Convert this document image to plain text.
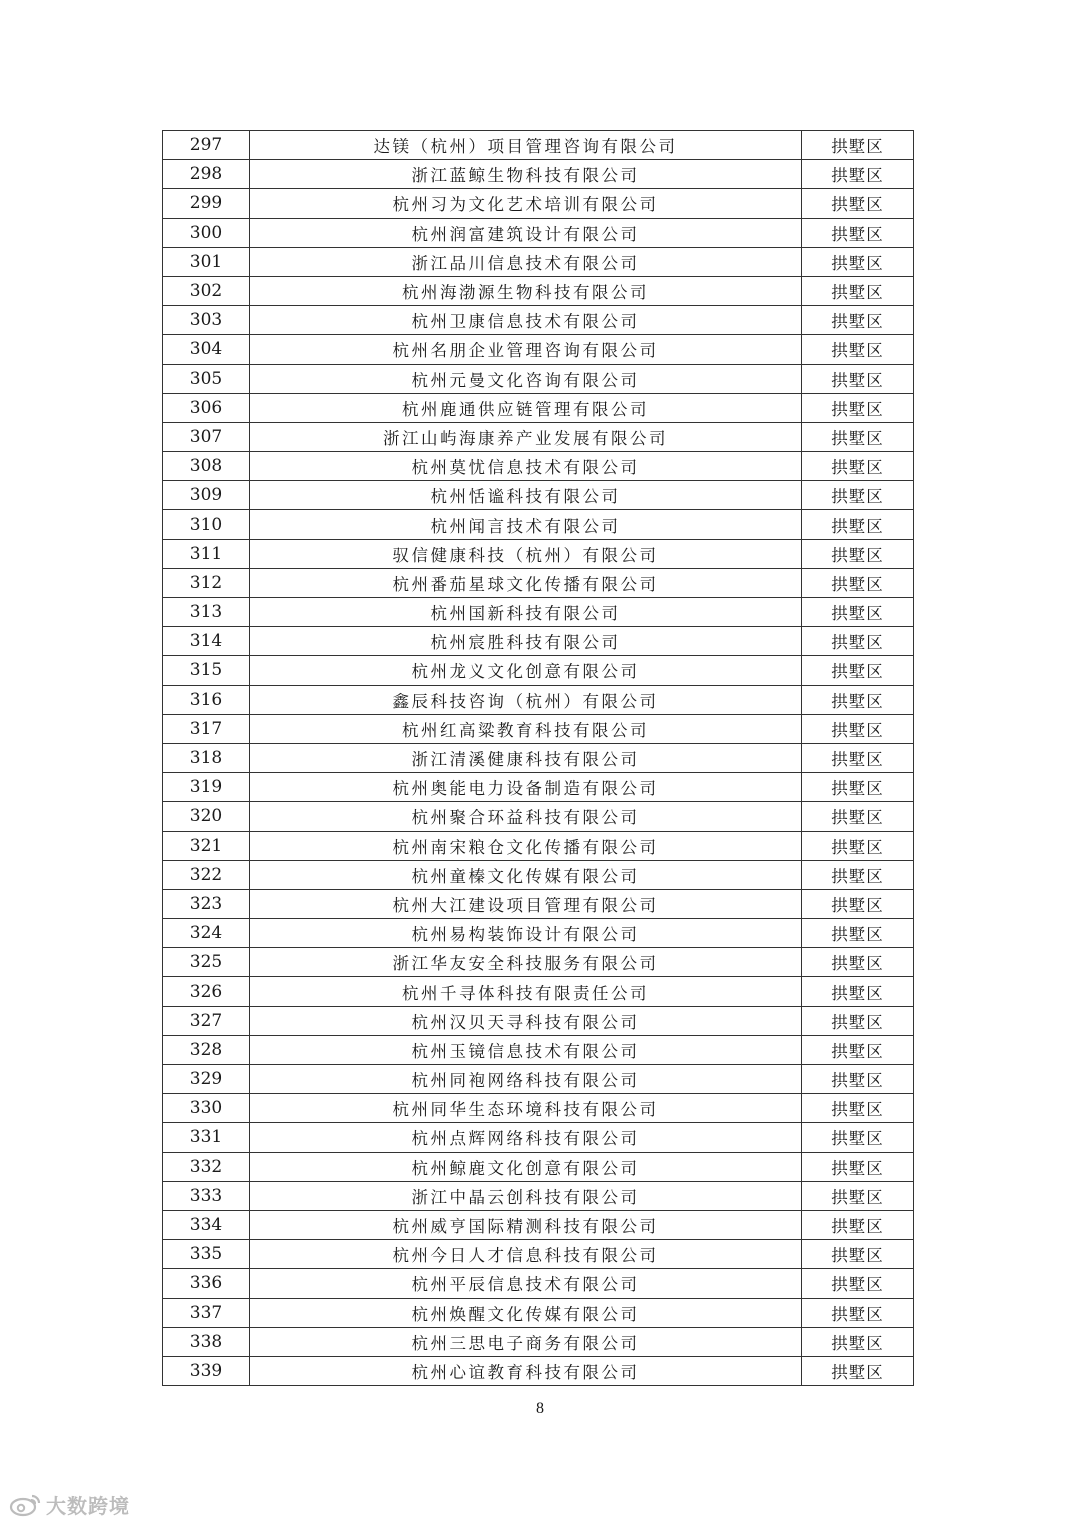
297	达镁（杭州）项目管理咨询有限公司	拱墅区
298	浙江蓝鲸生物科技有限公司	拱墅区
299	杭州习为文化艺术培训有限公司	拱墅区
300	杭州润富建筑设计有限公司	拱墅区
301	浙江品川信息技术有限公司	拱墅区
302	杭州海渤源生物科技有限公司	拱墅区
303	杭州卫康信息技术有限公司	拱墅区
304	杭州名朋企业管理咨询有限公司	拱墅区
305	杭州元曼文化咨询有限公司	拱墅区
306	杭州鹿通供应链管理有限公司	拱墅区
307	浙江山屿海康养产业发展有限公司	拱墅区
308	杭州莫忧信息技术有限公司	拱墅区
309	杭州恬谧科技有限公司	拱墅区
310	杭州闻言技术有限公司	拱墅区
311	驭信健康科技（杭州）有限公司	拱墅区
312	杭州番茄星球文化传播有限公司	拱墅区
313	杭州国新科技有限公司	拱墅区
314	杭州宸胜科技有限公司	拱墅区
315	杭州龙义文化创意有限公司	拱墅区
316	鑫辰科技咨询（杭州）有限公司	拱墅区
317	杭州红高粱教育科技有限公司	拱墅区
318	浙江清溪健康科技有限公司	拱墅区
319	杭州奥能电力设备制造有限公司	拱墅区
320	杭州聚合环益科技有限公司	拱墅区
321	杭州南宋粮仓文化传播有限公司	拱墅区
322	杭州童榛文化传媒有限公司	拱墅区
323	杭州大江建设项目管理有限公司	拱墅区
324	杭州易构装饰设计有限公司	拱墅区
325	浙江华友安全科技服务有限公司	拱墅区
326	杭州千寻体科技有限责任公司	拱墅区
327	杭州汉贝天寻科技有限公司	拱墅区
328	杭州玉镜信息技术有限公司	拱墅区
329	杭州同袍网络科技有限公司	拱墅区
330	杭州同华生态环境科技有限公司	拱墅区
331	杭州点辉网络科技有限公司	拱墅区
332	杭州鲸鹿文化创意有限公司	拱墅区
333	浙江中晶云创科技有限公司	拱墅区
334	杭州威亨国际精测科技有限公司	拱墅区
335	杭州今日人才信息科技有限公司	拱墅区
336	杭州平辰信息技术有限公司	拱墅区
337	杭州焕醒文化传媒有限公司	拱墅区
338	杭州三思电子商务有限公司	拱墅区
339	杭州心谊教育科技有限公司	拱墅区
8
大数跨境
